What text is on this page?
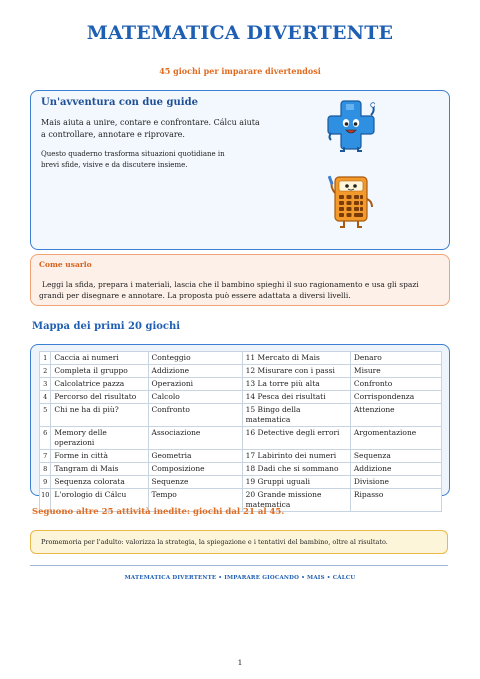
MATEMATICA DIVERTENTE
45 giochi per imparare divertendosi
Un'avventura con due guide
Mais aiuta a unire, contare e confrontare. Cálcu aiuta a controllare, annotare e riprovare.
Questo quaderno trasforma situazioni quotidiane in brevi sfide, visive e da discutere insieme.
Come usarlo
Leggi la sfida, prepara i materiali, lascia che il bambino spieghi il suo ragionamento e usa gli spazi grandi per disegnare e annotare. La proposta può essere adattata a diversi livelli.
Mappa dei primi 20 giochi
1	Caccia ai numeri	Conteggio	11 Mercato di Mais	Denaro
2	Completa il gruppo	Addizione	12 Misurare con i passi	Misure
3	Calcolatrice pazza	Operazioni	13 La torre più alta	Confronto
4	Percorso del risultato	Calcolo	14 Pesca dei risultati	Corrispondenza
5	Chi ne ha di più?	Confronto	15 Bingo della matematica	Attenzione
6	Memory delle operazioni	Associazione	16 Detective degli errori	Argomentazione
7	Forme in città	Geometria	17 Labirinto dei numeri	Sequenza
8	Tangram di Mais	Composizione	18 Dadi che si sommano	Addizione
9	Sequenza colorata	Sequenze	19 Gruppi uguali	Divisione
10	L'orologio di Cálcu	Tempo	20 Grande missione matematica	Ripasso
Seguono altre 25 attività inedite: giochi dal 21 al 45.
Promemoria per l'adulto: valorizza la strategia, la spiegazione e i tentativi del bambino, oltre al risultato.
MATEMATICA DIVERTENTE • IMPARARE GIOCANDO • MAIS • CÁLCU
1
